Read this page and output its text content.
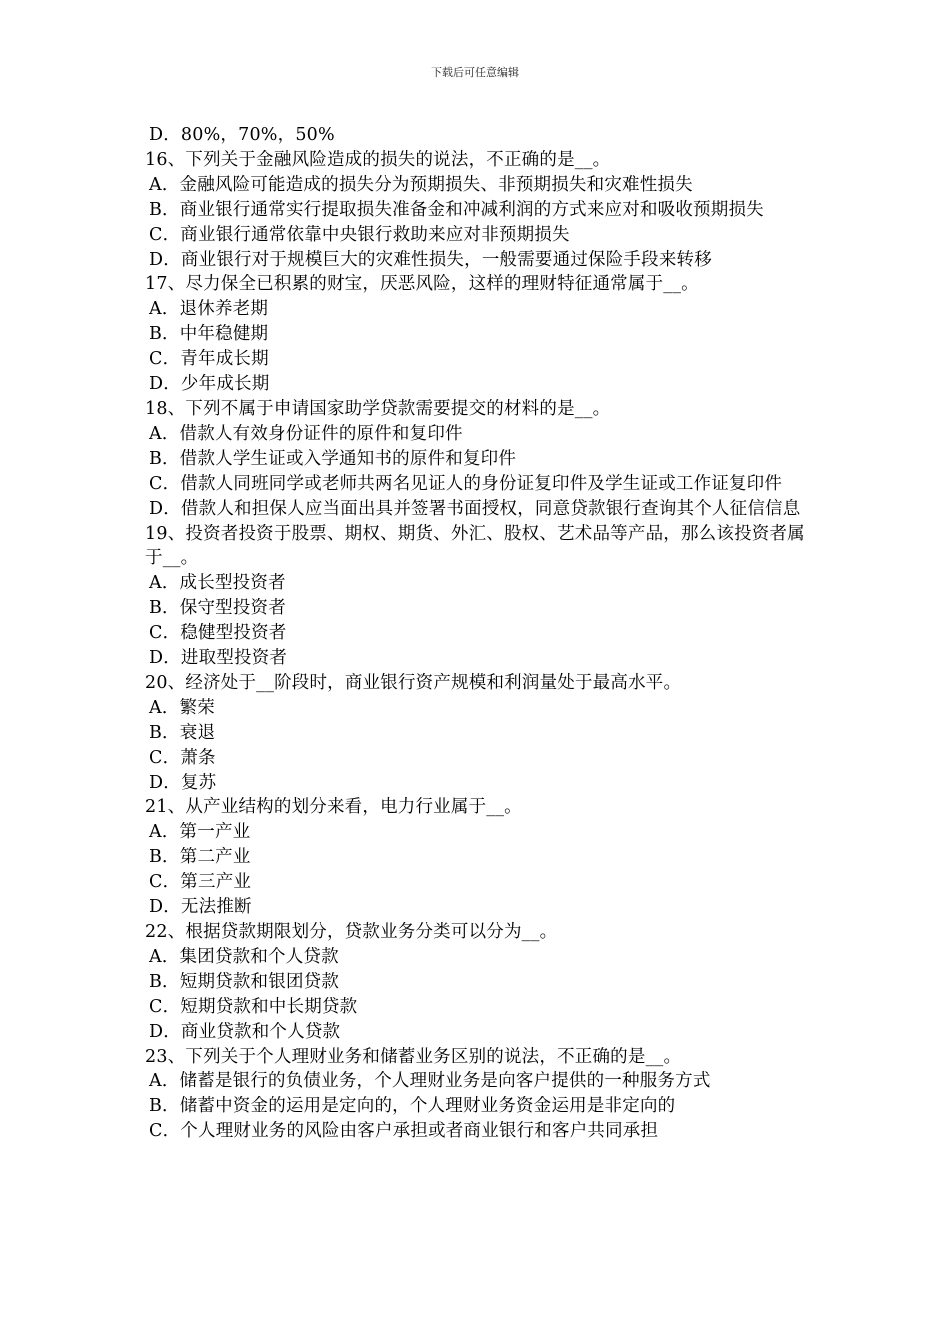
下载后可任意编辑
D．80%，70%，50%
16、下列关于金融风险造成的损失的说法，不正确的是__。
A．金融风险可能造成的损失分为预期损失、非预期损失和灾难性损失
B．商业银行通常实行提取损失准备金和冲减利润的方式来应对和吸收预期损失
C．商业银行通常依靠中央银行救助来应对非预期损失
D．商业银行对于规模巨大的灾难性损失，一般需要通过保险手段来转移
17、尽力保全已积累的财宝，厌恶风险，这样的理财特征通常属于__。
A．退休养老期
B．中年稳健期
C．青年成长期
D．少年成长期
18、下列不属于申请国家助学贷款需要提交的材料的是__。
A．借款人有效身份证件的原件和复印件
B．借款人学生证或入学通知书的原件和复印件
C．借款人同班同学或老师共两名见证人的身份证复印件及学生证或工作证复印件
D．借款人和担保人应当面出具并签署书面授权，同意贷款银行查询其个人征信信息
19、投资者投资于股票、期权、期货、外汇、股权、艺术品等产品，那么该投资者属于__。
A．成长型投资者
B．保守型投资者
C．稳健型投资者
D．进取型投资者
20、经济处于__阶段时，商业银行资产规模和利润量处于最高水平。
A．繁荣
B．衰退
C．萧条
D．复苏
21、从产业结构的划分来看，电力行业属于__。
A．第一产业
B．第二产业
C．第三产业
D．无法推断
22、根据贷款期限划分，贷款业务分类可以分为__。
A．集团贷款和个人贷款
B．短期贷款和银团贷款
C．短期贷款和中长期贷款
D．商业贷款和个人贷款
23、下列关于个人理财业务和储蓄业务区别的说法，不正确的是__。
A．储蓄是银行的负债业务，个人理财业务是向客户提供的一种服务方式
B．储蓄中资金的运用是定向的，个人理财业务资金运用是非定向的
C．个人理财业务的风险由客户承担或者商业银行和客户共同承担
